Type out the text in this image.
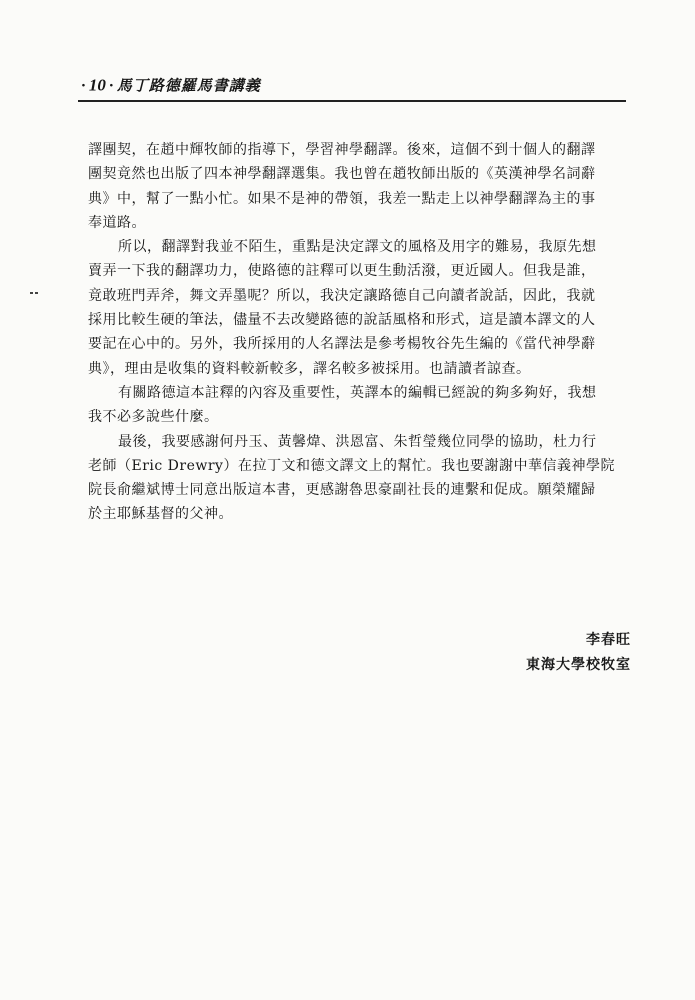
· 10 · 馬丁路德羅馬書講義

譯團契，在趙中輝牧師的指導下，學習神學翻譯。後來，這個不到十個人的翻譯
團契竟然也出版了四本神學翻譯選集。我也曾在趙牧師出版的《英漢神學名詞辭
典》中，幫了一點小忙。如果不是神的帶領，我差一點走上以神學翻譯為主的事
奉道路。

所以，翻譯對我並不陌生，重點是決定譯文的風格及用字的難易，我原先想
賣弄一下我的翻譯功力，使路德的註釋可以更生動活潑，更近國人。但我是誰，
竟敢班門弄斧，舞文弄墨呢？所以，我決定讓路德自己向讀者說話，因此，我就
採用比較生硬的筆法，儘量不去改變路德的說話風格和形式，這是讀本譯文的人
要記在心中的。另外，我所採用的人名譯法是參考楊牧谷先生編的《當代神學辭
典》，理由是收集的資料較新較多，譯名較多被採用。也請讀者諒查。

有關路德這本註釋的內容及重要性，英譯本的編輯已經說的夠多夠好，我想
我不必多說些什麼。

最後，我要感謝何丹玉、黃馨煒、洪恩富、朱哲瑩幾位同學的協助，杜力行
老師（Eric Drewry）在拉丁文和德文譯文上的幫忙。我也要謝謝中華信義神學院
院長俞繼斌博士同意出版這本書，更感謝魯思豪副社長的連繫和促成。願榮耀歸
於主耶穌基督的父神。

李春旺
東海大學校牧室
